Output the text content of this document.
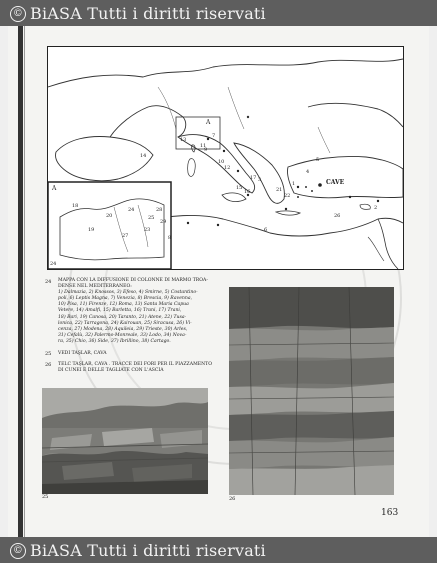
© BiASA Tutti i diritti riservati
24
A
A
CAVE
1
2
3
4
5
6
7
8
9
10
11
12
13
14
15
16
17
18
19
20
21
22
23
24
25	26
27
28
29
24 MAPPA CON LA DIFFUSIONE DI COLONNE DI MARMO TROA-
DENSE NEL MEDITERRANEO:
1) Dalmazia, 2) Knossos, 3) Efeso, 4) Smirne, 5) Costantino-
poli, 6) Leptis Magna, 7) Venezia, 8) Brescia, 9) Ravenna,
10) Pisa, 11) Firenze, 12) Roma, 13) Santa Maria Capua
Vetere, 14) Amalfi, 15) Barletta, 16) Trani, 17) Trani,
18) Bari, 19) Canosa, 20) Taranto, 21) Atene, 22) Tusa-
lonica, 22) Tarragona, 24) Kairouan, 25) Siracusa, 26) Vi-
cenza, 27) Modena, 28) Aquileia, 29) Trieste, 30) Arles,
31) Cefalù, 32) Palermo-Monreale, 33) Lodo, 34) Nova-
ra, 35) Chio, 36) Side, 37) Ibrillino, 38) Cartago.
25 VEDI TAŞLAR, CAVA
26 TELC TAŞLAR, CAVA . TRACCE DEI FORI PER IL PIAZZAMENTO
DI CUNEI E DELLE TAGLIATE CON L'ASCIA
25	26
163
© BiASA Tutti i diritti riservati
